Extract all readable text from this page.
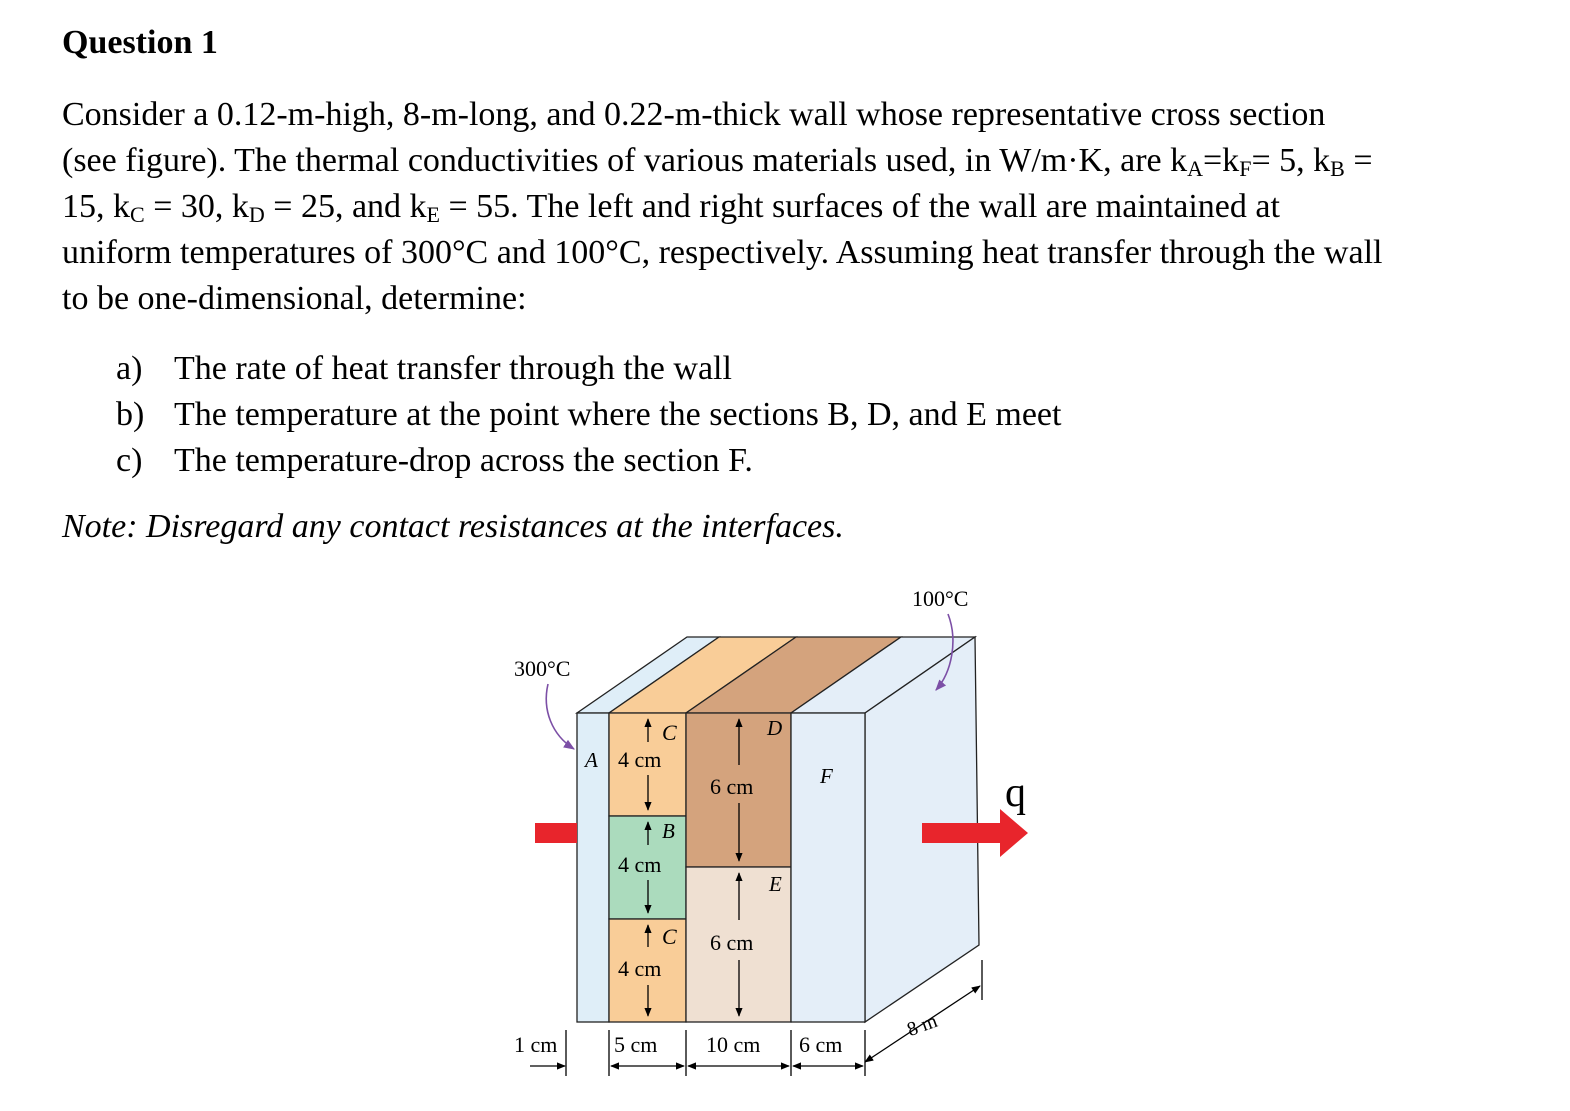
Question 1
Consider a 0.12-m-high, 8-m-long, and 0.22-m-thick wall whose representative cross section
(see figure). The thermal conductivities of various materials used, in W/m·K, are $k_A=k_F= 5$, $k_B$ =
15, $k_C = 30$, $k_D = 25$, and $k_E = 55$. The left and right surfaces of the wall are maintained at
uniform temperatures of 300°C and 100°C, respectively. Assuming heat transfer through the wall
to be one-dimensional, determine:
a) The rate of heat transfer through the wall
b) The temperature at the point where the sections B, D, and E meet
c) The temperature-drop across the section F.
Note: Disregard any contact resistances at the interfaces.
q
300°C
100°C
A
C
B
C
D
E
F
4 cm
4 cm
4 cm
6 cm
6 cm
1 cm	5 cm 10 cm 6 cm
8 m
